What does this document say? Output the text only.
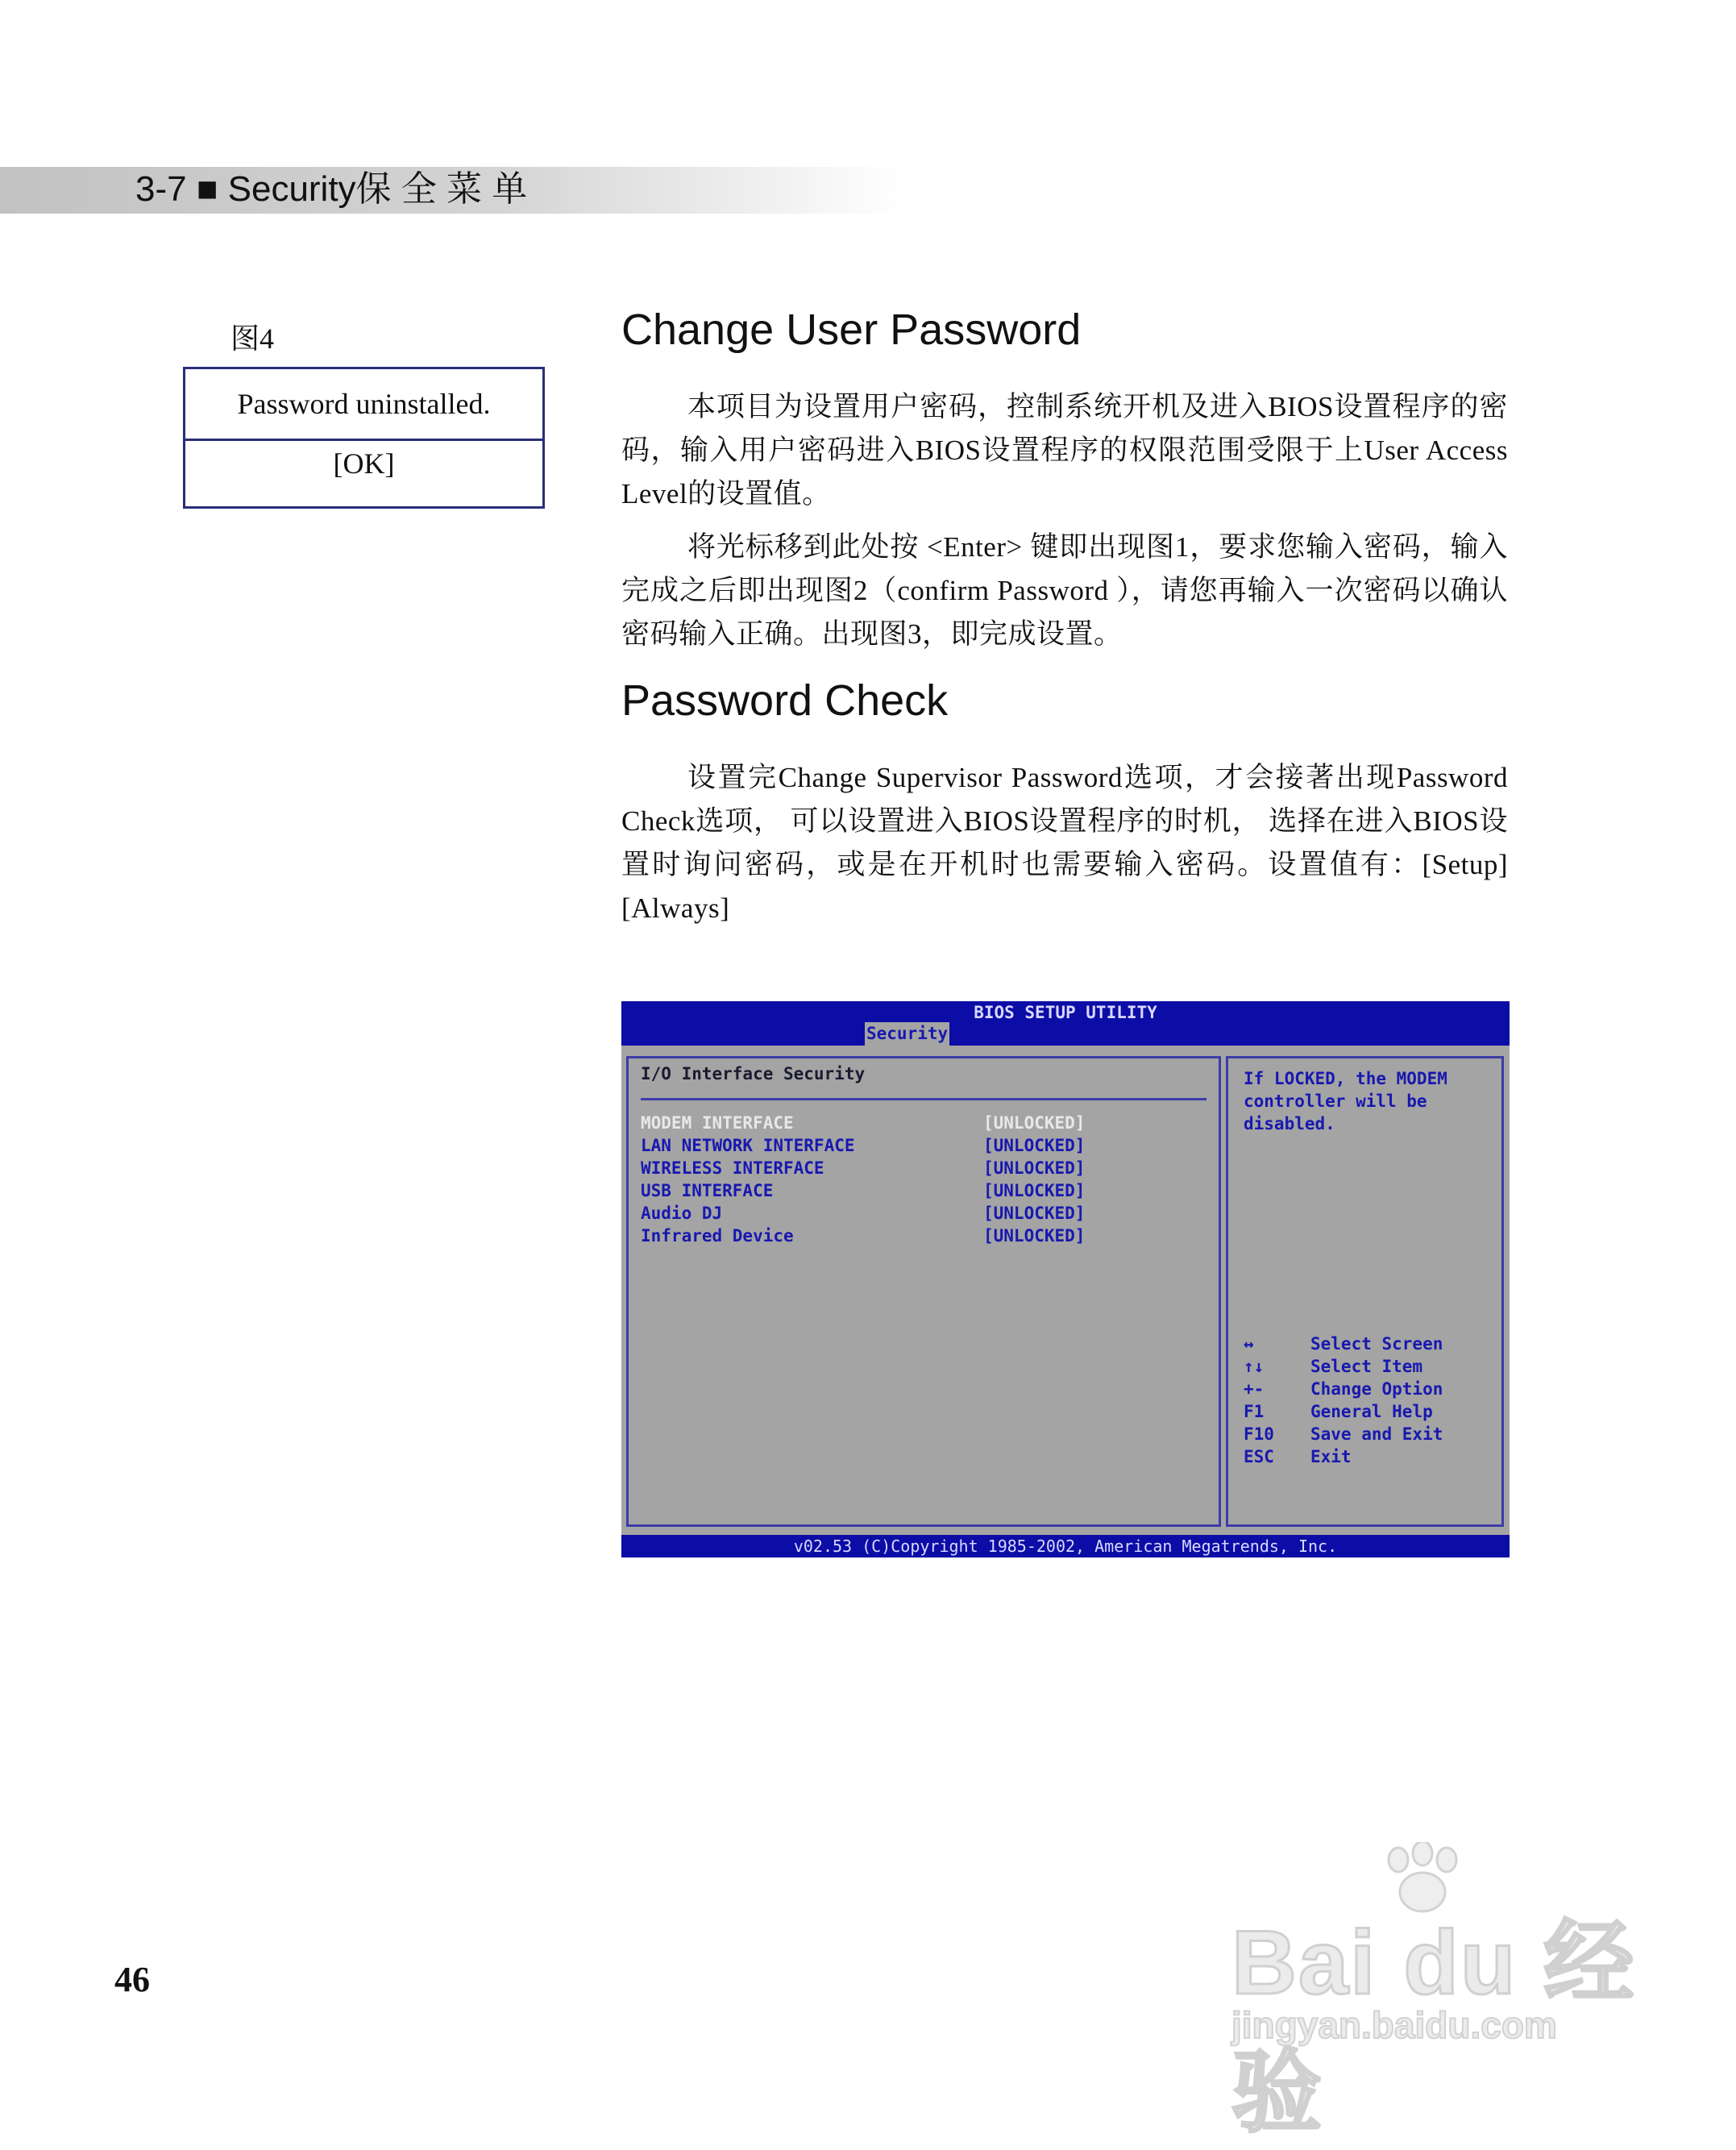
3-7 ■ Security保 全 菜 单
图4
Password uninstalled.
[OK]
Change User Password

本项目为设置用户密码，控制系统开机及进入BIOS设置程序的密码，输入用户密码进入BIOS设置程序的权限范围受限于上User Access Level的设置值。

将光标移到此处按 <Enter> 键即出现图1，要求您输入密码，输入完成之后即出现图2（confirm Password ），请您再输入一次密码以确认密码输入正确。出现图3，即完成设置。

Password Check

设置完Change Supervisor Password选项，才会接著出现Password Check选项， 可以设置进入BIOS设置程序的时机， 选择在进入BIOS设置时询问密码，或是在开机时也需要输入密码。设置值有：[Setup] [Always]

BIOS SETUP UTILITY
Security
I/O Interface Security
MODEM INTERFACE	[UNLOCKED]
LAN NETWORK INTERFACE	[UNLOCKED]
WIRELESS INTERFACE	[UNLOCKED]
USB INTERFACE	[UNLOCKED]
Audio DJ	[UNLOCKED]
Infrared Device	[UNLOCKED]
If LOCKED, the MODEM
controller will be
disabled.
↔	Select Screen
↑↓	Select Item
+-	Change Option
F1	General Help
F10 Save and Exit
ESC Exit
v02.53 (C)Copyright 1985-2002, American Megatrends, Inc.
46	Bai du 经验
jingyan.baidu.com
